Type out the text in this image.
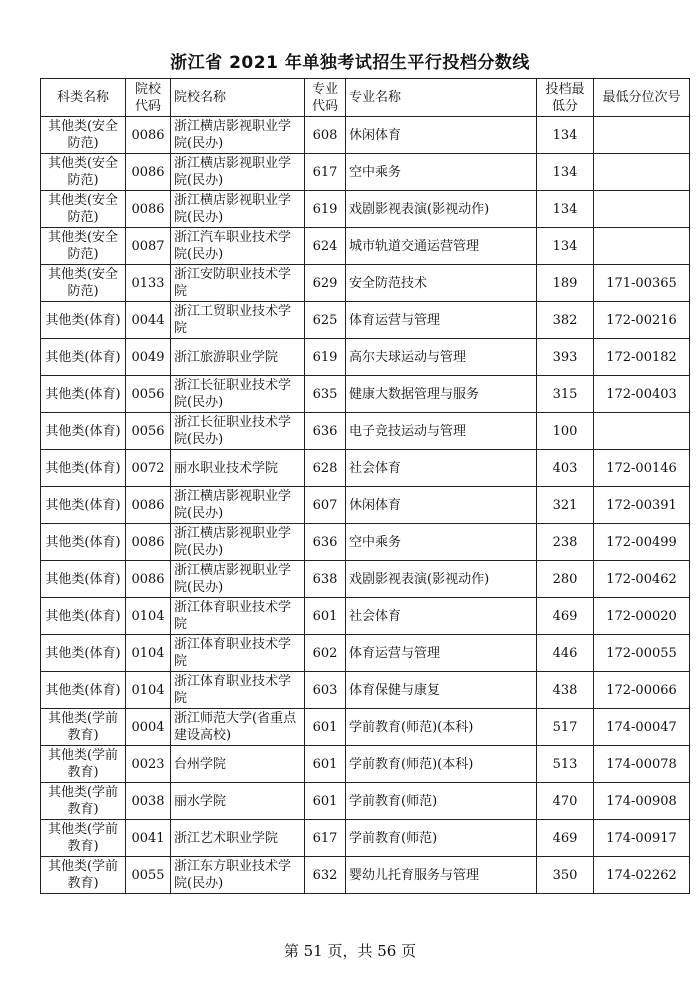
浙江省 2021 年单独考试招生平行投档分数线
科类名称	院校代码	院校名称	专业代码	专业名称	投档最低分	最低分位次号
其他类(安全防范)	0086	浙江横店影视职业学院(民办)	608	休闲体育	134	
其他类(安全防范)	0086	浙江横店影视职业学院(民办)	617	空中乘务	134	
其他类(安全防范)	0086	浙江横店影视职业学院(民办)	619	戏剧影视表演(影视动作)	134	
其他类(安全防范)	0087	浙江汽车职业技术学院(民办)	624	城市轨道交通运营管理	134	
其他类(安全防范)	0133	浙江安防职业技术学院	629	安全防范技术	189	171-00365
其他类(体育)	0044	浙江工贸职业技术学院	625	体育运营与管理	382	172-00216
其他类(体育)	0049	浙江旅游职业学院	619	高尔夫球运动与管理	393	172-00182
其他类(体育)	0056	浙江长征职业技术学院(民办)	635	健康大数据管理与服务	315	172-00403
其他类(体育)	0056	浙江长征职业技术学院(民办)	636	电子竞技运动与管理	100	
其他类(体育)	0072	丽水职业技术学院	628	社会体育	403	172-00146
其他类(体育)	0086	浙江横店影视职业学院(民办)	607	休闲体育	321	172-00391
其他类(体育)	0086	浙江横店影视职业学院(民办)	636	空中乘务	238	172-00499
其他类(体育)	0086	浙江横店影视职业学院(民办)	638	戏剧影视表演(影视动作)	280	172-00462
其他类(体育)	0104	浙江体育职业技术学院	601	社会体育	469	172-00020
其他类(体育)	0104	浙江体育职业技术学院	602	体育运营与管理	446	172-00055
其他类(体育)	0104	浙江体育职业技术学院	603	体育保健与康复	438	172-00066
其他类(学前教育)	0004	浙江师范大学(省重点建设高校)	601	学前教育(师范)(本科)	517	174-00047
其他类(学前教育)	0023	台州学院	601	学前教育(师范)(本科)	513	174-00078
其他类(学前教育)	0038	丽水学院	601	学前教育(师范)	470	174-00908
其他类(学前教育)	0041	浙江艺术职业学院	617	学前教育(师范)	469	174-00917
其他类(学前教育)	0055	浙江东方职业技术学院(民办)	632	婴幼儿托育服务与管理	350	174-02262
第 51 页，共 56 页
